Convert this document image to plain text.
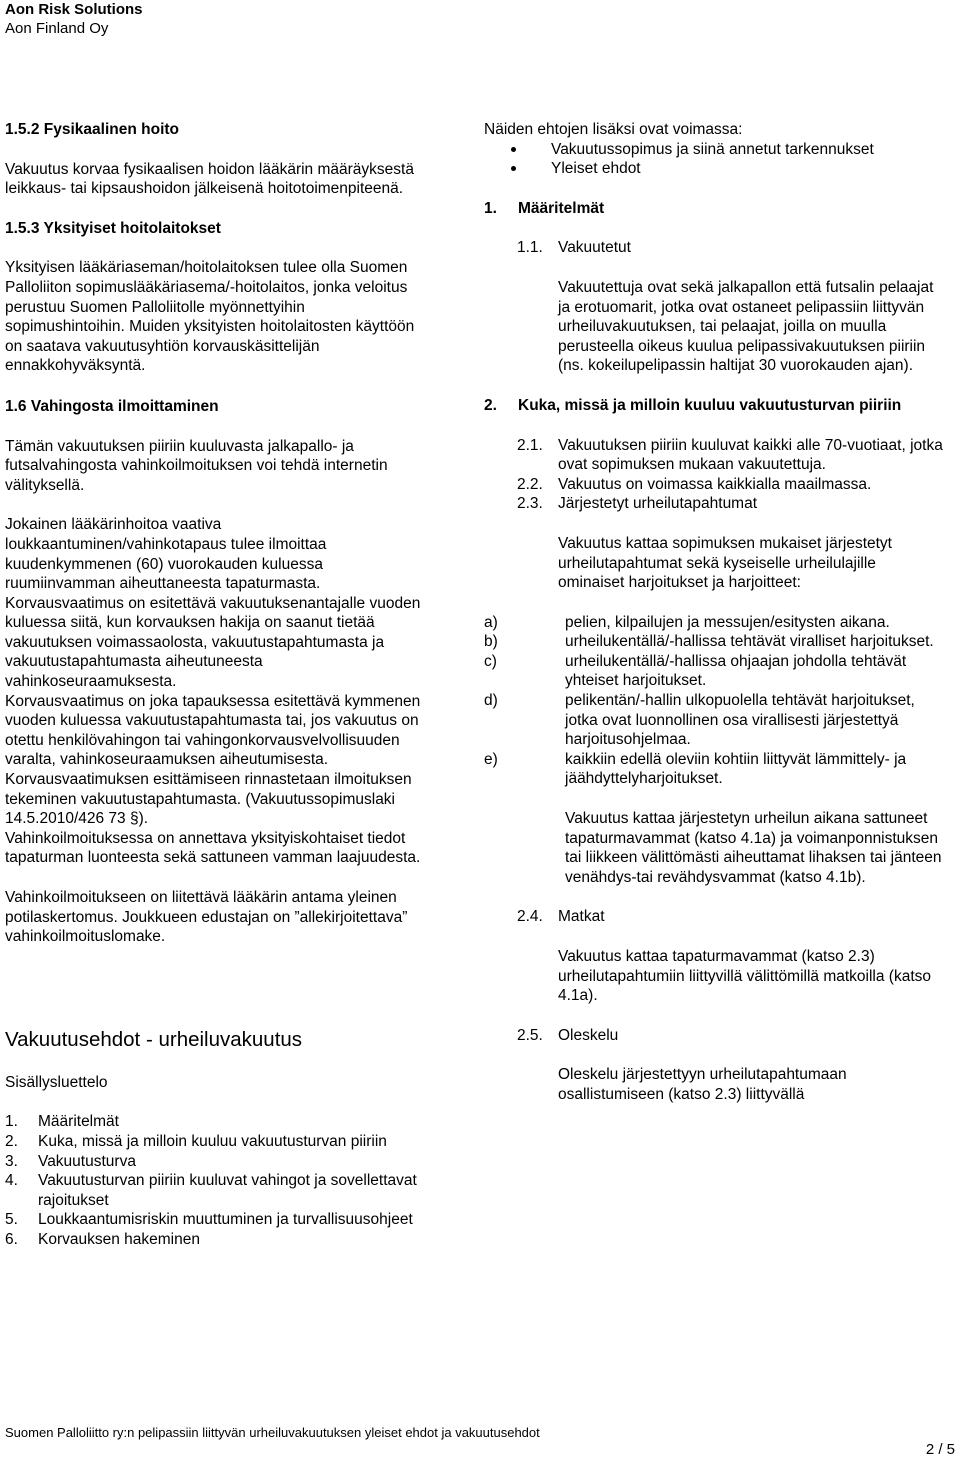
Aon Risk Solutions
Aon Finland Oy

1.5.2 Fysikaalinen hoito

Vakuutus korvaa fysikaalisen hoidon lääkärin määräyksestä leikkaus- tai kipsaushoidon jälkeisenä hoitotoimenpiteenä.

1.5.3 Yksityiset hoitolaitokset

Yksityisen lääkäriaseman/hoitolaitoksen tulee olla Suomen Palloliiton sopimuslääkäriasema/-hoitolaitos, jonka veloitus perustuu Suomen Palloliitolle myönnettyihin sopimushintoihin. Muiden yksityisten hoitolaitosten käyttöön on saatava vakuutusyhtiön korvauskäsittelijän ennakkohyväksyntä.

1.6 Vahingosta ilmoittaminen

Tämän vakuutuksen piiriin kuuluvasta jalkapallo- ja futsalvahingosta vahinkoilmoituksen voi tehdä internetin välityksellä.

Jokainen lääkärinhoitoa vaativa loukkaantuminen/vahinkotapaus tulee ilmoittaa kuudenkymmenen (60) vuorokauden kuluessa ruumiinvamman aiheuttaneesta tapaturmasta.

Korvausvaatimus on esitettävä vakuutuksenantajalle vuoden kuluessa siitä, kun korvauksen hakija on saanut tietää vakuutuksen voimassaolosta, vakuutustapahtumasta ja vakuutustapahtumasta aiheutuneesta vahinkoseuraamuksesta.

Korvausvaatimus on joka tapauksessa esitettävä kymmenen vuoden kuluessa vakuutustapahtumasta tai, jos vakuutus on otettu henkilövahingon tai vahingonkorvausvelvollisuuden varalta, vahinkoseuraamuksen aiheutumisesta.

Korvausvaatimuksen esittämiseen rinnastetaan ilmoituksen tekeminen vakuutustapahtumasta. (Vakuutussopimuslaki 14.5.2010/426 73 §).

Vahinkoilmoituksessa on annettava yksityiskohtaiset tiedot tapaturman luonteesta sekä sattuneen vamman laajuudesta.

Vahinkoilmoitukseen on liitettävä lääkärin antama yleinen potilaskertomus. Joukkueen edustajan on ”allekirjoitettava” vahinkoilmoituslomake.

Vakuutusehdot - urheiluvakuutus

Sisällysluettelo

1.	Määritelmät
2.	Kuka, missä ja milloin kuuluu vakuutusturvan piiriin
3.	Vakuutusturva
4.	Vakuutusturvan piiriin kuuluvat vahingot ja sovellettavat rajoitukset
5.	Loukkaantumisriskin muuttuminen ja turvallisuusohjeet
6.	Korvauksen hakeminen

Näiden ehtojen lisäksi ovat voimassa:

Vakuutussopimus ja siinä annetut tarkennukset
Yleiset ehdot
1.	Määritelmät
1.1. Vakuutetut

Vakuutettuja ovat sekä jalkapallon että futsalin pelaajat ja erotuomarit, jotka ovat ostaneet pelipassiin liittyvän urheiluvakuutuksen, tai pelaajat, joilla on muulla perusteella oikeus kuulua pelipassivakuutuksen piiriin (ns. kokeilupelipassin haltijat 30 vuorokauden ajan).

2.	Kuka, missä ja milloin kuuluu vakuutusturvan piiriin
2.1. Vakuutuksen piiriin kuuluvat kaikki alle 70-vuotiaat, jotka ovat sopimuksen mukaan vakuutettuja.
2.2. Vakuutus on voimassa kaikkialla maailmassa.
2.3. Järjestetyt urheilutapahtumat

Vakuutus kattaa sopimuksen mukaiset järjestetyt urheilutapahtumat sekä kyseiselle urheilulajille ominaiset harjoitukset ja harjoitteet:

a)	pelien, kilpailujen ja messujen/esitysten aikana.
b)	urheilukentällä/-hallissa tehtävät viralliset harjoitukset.
c)	urheilukentällä/-hallissa ohjaajan johdolla tehtävät yhteiset harjoitukset.
d)	pelikentän/-hallin ulkopuolella tehtävät harjoitukset, jotka ovat luonnollinen osa virallisesti järjestettyä harjoitusohjelmaa.
e)	kaikkiin edellä oleviin kohtiin liittyvät lämmittely- ja jäähdyttelyharjoitukset.

Vakuutus kattaa järjestetyn urheilun aikana sattuneet tapaturmavammat (katso 4.1a) ja voimanponnistuksen tai liikkeen välittömästi aiheuttamat lihaksen tai jänteen venähdys-tai revähdysvammat (katso 4.1b).

2.4. Matkat

Vakuutus kattaa tapaturmavammat (katso 2.3) urheilutapahtumiin liittyvillä välittömillä matkoilla (katso 4.1a).

2.5. Oleskelu

Oleskelu järjestettyyn urheilutapahtumaan osallistumiseen (katso 2.3) liittyvällä

Suomen Palloliitto ry:n pelipassiin liittyvän urheiluvakuutuksen yleiset ehdot ja vakuutusehdot
2 / 5
